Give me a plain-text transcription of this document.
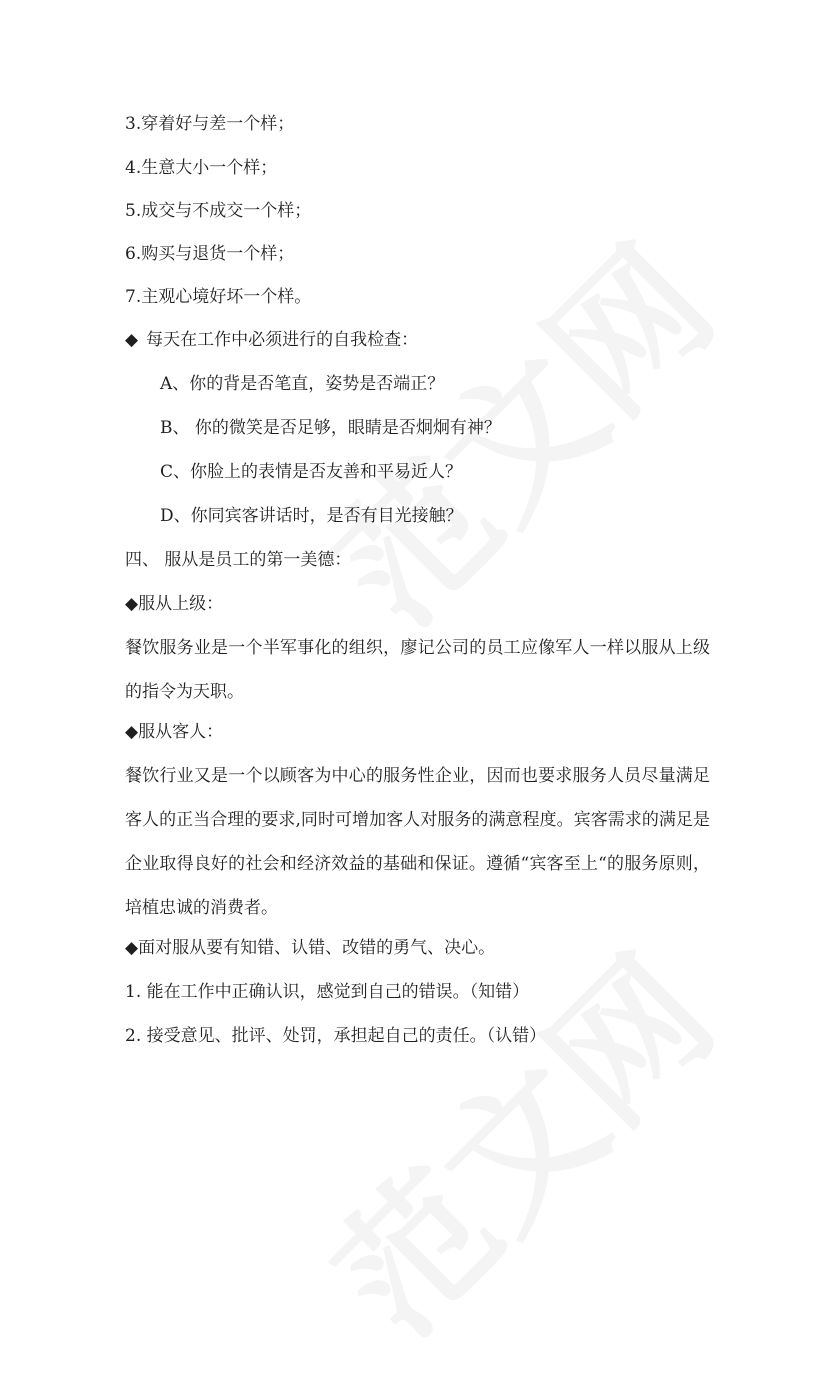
3.穿着好与差一个样；
4.生意大小一个样；
5.成交与不成交一个样；
6.购买与退货一个样；
7.主观心境好坏一个样。
◆ 每天在工作中必须进行的自我检查：
A、你的背是否笔直，姿势是否端正？
B、 你的微笑是否足够，眼睛是否炯炯有神？
C、你脸上的表情是否友善和平易近人？
D、你同宾客讲话时，是否有目光接触？
四、 服从是员工的第一美德：
◆服从上级：
餐饮服务业是一个半军事化的组织，廖记公司的员工应像军人一样以服从上级的指令为天职。
◆服从客人：
餐饮行业又是一个以顾客为中心的服务性企业，因而也要求服务人员尽量满足客人的正当合理的要求,同时可增加客人对服务的满意程度。宾客需求的满足是企业取得良好的社会和经济效益的基础和保证。遵循“宾客至上“的服务原则，培植忠诚的消费者。
◆面对服从要有知错、认错、改错的勇气、决心。
1. 能在工作中正确认识，感觉到自己的错误。（知错）
2. 接受意见、批评、处罚，承担起自己的责任。（认错）
